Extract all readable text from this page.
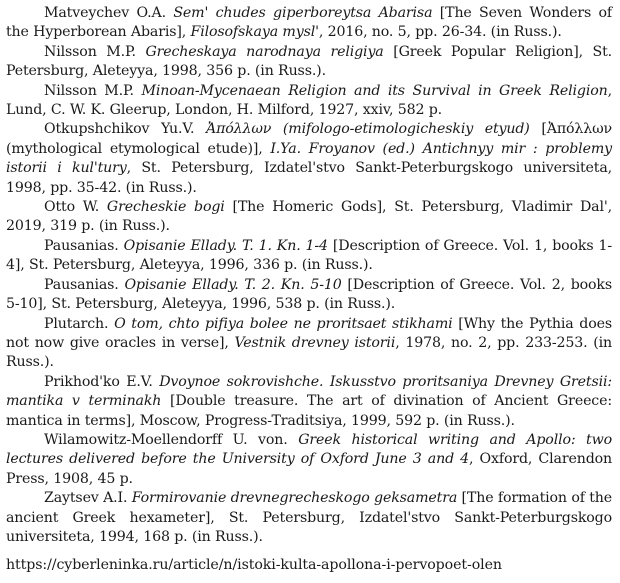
Matveychev O.A. Sem' chudes giperboreytsa Abarisa [The Seven Wonders of the Hyperborean Abaris], Filosofskaya mysl', 2016, no. 5, pp. 26-34. (in Russ.).

Nilsson M.P. Grecheskaya narodnaya religiya [Greek Popular Religion], St. Petersburg, Aleteyya, 1998, 356 p. (in Russ.).

Nilsson M.P. Minoan-Mycenaean Religion and its Survival in Greek Religion, Lund, C. W. K. Gleerup, London, H. Milford, 1927, xxiv, 582 p.

Otkupshchikov Yu.V. Ἀπόλλων (mifologo-etimologicheskiy etyud) [Ἀπόλλων (mythological etymological etude)], I.Ya. Froyanov (ed.) Antichnyy mir : problemy istorii i kul'tury, St. Petersburg, Izdatel'stvo Sankt-Peterburgskogo universiteta, 1998, pp. 35-42. (in Russ.).

Otto W. Grecheskie bogi [The Homeric Gods], St. Petersburg, Vladimir Dal', 2019, 319 p. (in Russ.).

Pausanias. Opisanie Ellady. T. 1. Kn. 1-4 [Description of Greece. Vol. 1, books 1-4], St. Petersburg, Aleteyya, 1996, 336 p. (in Russ.).

Pausanias. Opisanie Ellady. T. 2. Kn. 5-10 [Description of Greece. Vol. 2, books 5-10], St. Petersburg, Aleteyya, 1996, 538 p. (in Russ.).

Plutarch. O tom, chto pifiya bolee ne proritsaet stikhami [Why the Pythia does not now give oracles in verse], Vestnik drevney istorii, 1978, no. 2, pp. 233-253. (in Russ.).

Prikhod'ko E.V. Dvoynoe sokrovishche. Iskusstvo proritsaniya Drevney Gretsii: mantika v terminakh [Double treasure. The art of divination of Ancient Greece: mantica in terms], Moscow, Progress-Traditsiya, 1999, 592 p. (in Russ.).

Wilamowitz-Moellendorff U. von. Greek historical writing and Apollo: two lectures delivered before the University of Oxford June 3 and 4, Oxford, Clarendon Press, 1908, 45 p.

Zaytsev A.I. Formirovanie drevnegrecheskogo geksametra [The formation of the ancient Greek hexameter], St. Petersburg, Izdatel'stvo Sankt-Peterburgskogo universiteta, 1994, 168 p. (in Russ.).

https://cyberleninka.ru/article/n/istoki-kulta-apollona-i-pervopoet-olen
